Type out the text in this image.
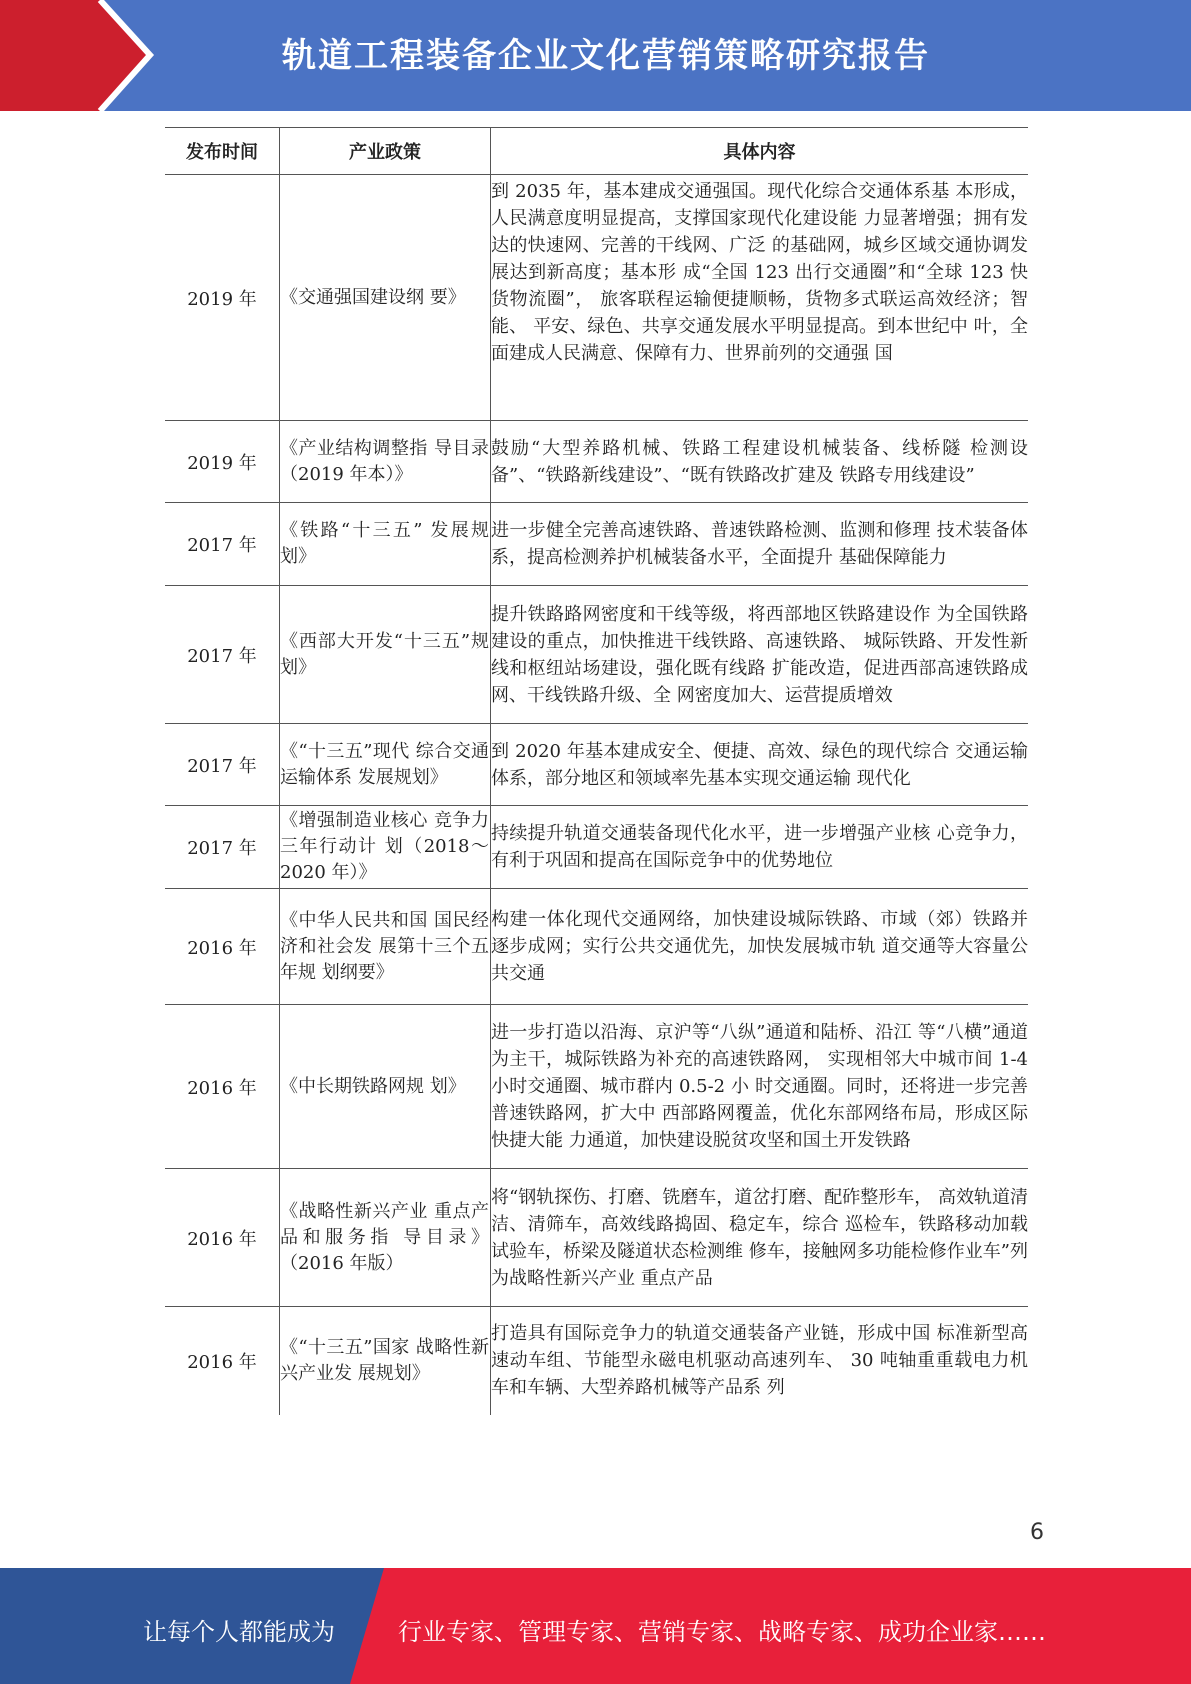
轨道工程装备企业文化营销策略研究报告
发布时间	产业政策	具体内容
2019 年	《交通强国建设纲 要》	到 2035 年，基本建成交通强国。现代化综合交通体系基 本形成，人民满意度明显提高，支撑国家现代化建设能 力显著增强；拥有发达的快速网、完善的干线网、广泛 的基础网，城乡区域交通协调发展达到新高度；基本形 成“全国 123 出行交通圈”和“全球 123 快货物流圈”， 旅客联程运输便捷顺畅，货物多式联运高效经济；智能、 平安、绿色、共享交通发展水平明显提高。到本世纪中 叶，全面建成人民满意、保障有力、世界前列的交通强 国
2019 年	《产业结构调整指 导目录（2019 年本）》	鼓励“大型养路机械、铁路工程建设机械装备、线桥隧 检测设备”、“铁路新线建设”、“既有铁路改扩建及 铁路专用线建设”
2017 年	《铁路“十三五” 发展规划》	进一步健全完善高速铁路、普速铁路检测、监测和修理 技术装备体系，提高检测养护机械装备水平，全面提升 基础保障能力
2017 年	《西部大开发“十三五”规划》	提升铁路路网密度和干线等级，将西部地区铁路建设作 为全国铁路建设的重点，加快推进干线铁路、高速铁路、 城际铁路、开发性新线和枢纽站场建设，强化既有线路 扩能改造，促进西部高速铁路成网、干线铁路升级、全 网密度加大、运营提质增效
2017 年	《“十三五”现代 综合交通运输体系 发展规划》	到 2020 年基本建成安全、便捷、高效、绿色的现代综合 交通运输体系，部分地区和领域率先基本实现交通运输 现代化
2017 年	《增强制造业核心 竞争力三年行动计 划（2018～2020 年）》	持续提升轨道交通装备现代化水平，进一步增强产业核 心竞争力，有利于巩固和提高在国际竞争中的优势地位
2016 年	《中华人民共和国 国民经济和社会发 展第十三个五年规 划纲要》	构建一体化现代交通网络，加快建设城际铁路、市域（郊）铁路并逐步成网；实行公共交通优先，加快发展城市轨 道交通等大容量公共交通
2016 年	《中长期铁路网规 划》	进一步打造以沿海、京沪等“八纵”通道和陆桥、沿江 等“八横”通道为主干，城际铁路为补充的高速铁路网， 实现相邻大中城市间 1-4 小时交通圈、城市群内 0.5-2 小 时交通圈。同时，还将进一步完善普速铁路网，扩大中 西部路网覆盖，优化东部网络布局，形成区际快捷大能 力通道，加快建设脱贫攻坚和国土开发铁路
2016 年	《战略性新兴产业 重点产品和服务指 导目录》（2016 年版）	将“钢轨探伤、打磨、铣磨车，道岔打磨、配砟整形车， 高效轨道清洁、清筛车，高效线路捣固、稳定车，综合 巡检车，铁路移动加载试验车，桥梁及隧道状态检测维 修车，接触网多功能检修作业车”列为战略性新兴产业 重点产品
2016 年	《“十三五”国家 战略性新兴产业发 展规划》	打造具有国际竞争力的轨道交通装备产业链，形成中国 标准新型高速动车组、节能型永磁电机驱动高速列车、 30 吨轴重重载电力机车和车辆、大型养路机械等产品系 列
6
让每个人都能成为	行业专家、管理专家、营销专家、战略专家、成功企业家……
